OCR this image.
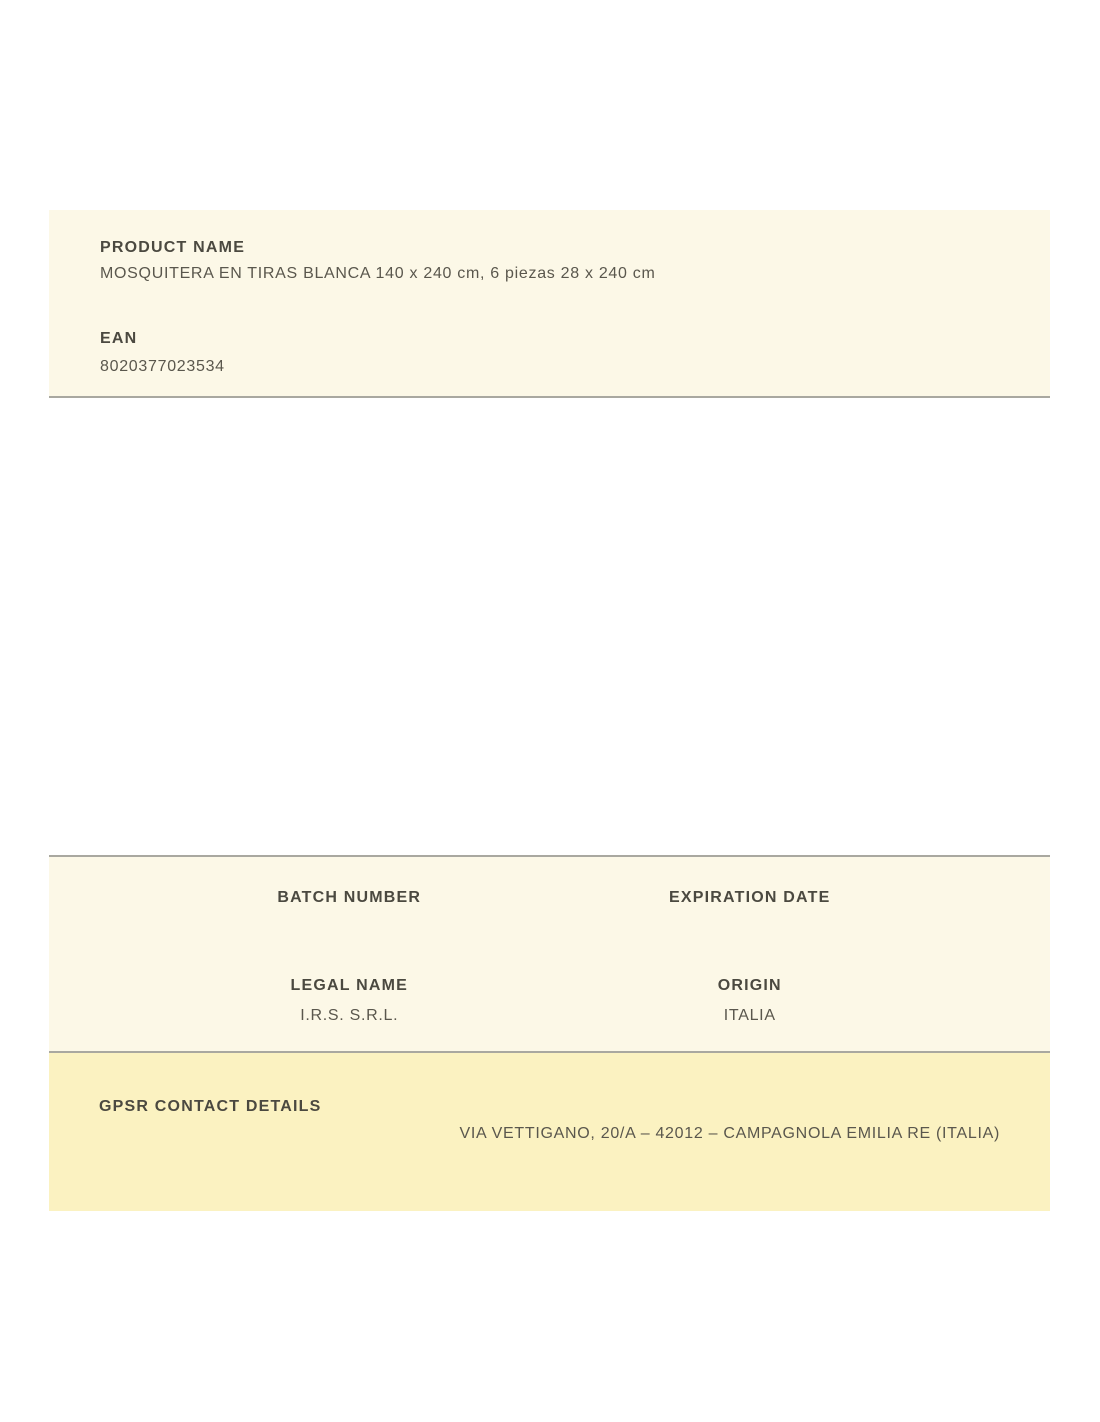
PRODUCT NAME
MOSQUITERA EN TIRAS BLANCA 140 x 240 cm, 6 piezas 28 x 240 cm
EAN
8020377023534
BATCH NUMBER	EXPIRATION DATE
LEGAL NAME
I.R.S. S.R.L.
ORIGIN
ITALIA
GPSR CONTACT DETAILS
VIA VETTIGANO, 20/A – 42012 – CAMPAGNOLA EMILIA RE (ITALIA)
